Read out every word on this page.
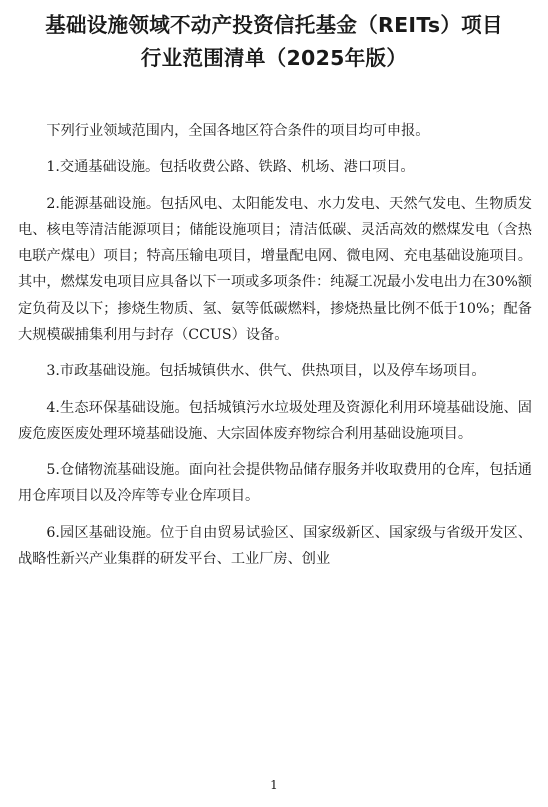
基础设施领域不动产投资信托基金（REITs）项目
行业范围清单（2025年版）

下列行业领域范围内，全国各地区符合条件的项目均可申报。

1.交通基础设施。包括收费公路、铁路、机场、港口项目。

2.能源基础设施。包括风电、太阳能发电、水力发电、天然气发电、生物质发电、核电等清洁能源项目；储能设施项目；清洁低碳、灵活高效的燃煤发电（含热电联产煤电）项目；特高压输电项目，增量配电网、微电网、充电基础设施项目。其中，燃煤发电项目应具备以下一项或多项条件：纯凝工况最小发电出力在30%额定负荷及以下；掺烧生物质、氢、氨等低碳燃料，掺烧热量比例不低于10%；配备大规模碳捕集利用与封存（CCUS）设备。

3.市政基础设施。包括城镇供水、供气、供热项目，以及停车场项目。

4.生态环保基础设施。包括城镇污水垃圾处理及资源化利用环境基础设施、固废危废医废处理环境基础设施、大宗固体废弃物综合利用基础设施项目。

5.仓储物流基础设施。面向社会提供物品储存服务并收取费用的仓库，包括通用仓库项目以及冷库等专业仓库项目。

6.园区基础设施。位于自由贸易试验区、国家级新区、国家级与省级开发区、战略性新兴产业集群的研发平台、工业厂房、创业

1
